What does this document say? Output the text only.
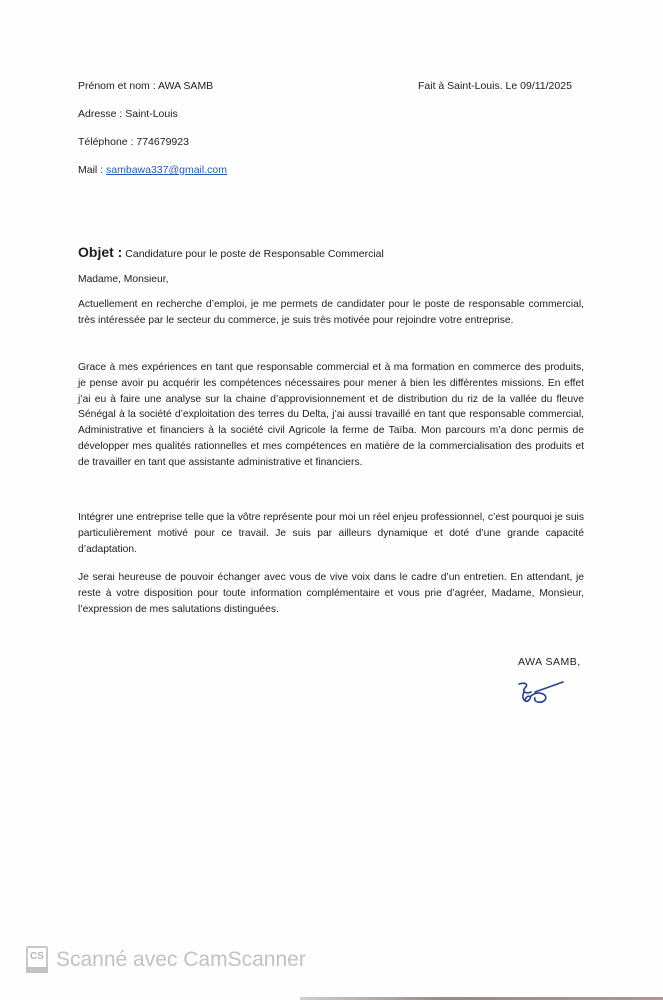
Prénom et nom : AWA SAMB
Adresse : Saint-Louis
Téléphone : 774679923
Mail : sambawa337@gmail.com
Fait à Saint-Louis. Le 09/11/2025
Objet : Candidature pour le poste de Responsable Commercial
Madame, Monsieur,
Actuellement en recherche d’emploi, je me permets de candidater pour le poste de responsable commercial, très intéressée par le secteur du commerce, je suis très motivée pour rejoindre votre entreprise.
Grace à mes expériences en tant que responsable commercial et à ma formation en commerce des produits, je pense avoir pu acquérir les compétences nécessaires pour mener à bien les différentes missions. En effet j’ai eu à faire une analyse sur la chaine d’approvisionnement et de distribution du riz de la vallée du fleuve Sénégal à la société d’exploitation des terres du Delta, j’ai aussi travaillé en tant que responsable commercial, Administrative et financiers à la société civil Agricole la ferme de Taïba. Mon parcours m’a donc permis de développer mes qualités rationnelles et mes compétences en matière de la commercialisation des produits et de travailler en tant que assistante administrative et financiers.
Intégrer une entreprise telle que la vôtre représente pour moi un réel enjeu professionnel, c’est pourquoi je suis particulièrement motivé pour ce travail. Je suis par ailleurs dynamique et doté d’une grande capacité d’adaptation.
Je serai heureuse de pouvoir échanger avec vous de vive voix dans le cadre d’un entretien. En attendant, je reste à votre disposition pour toute information complémentaire et vous prie d’agréer, Madame, Monsieur, l’expression de mes salutations distinguées.
AWA SAMB,
CS Scanné avec CamScanner
